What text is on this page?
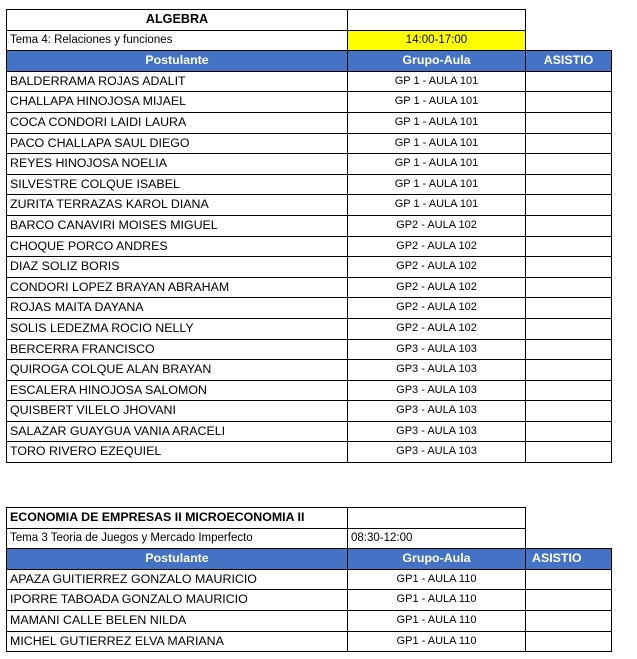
ALGEBRA		
Tema 4: Relaciones y funciones	14:00-17:00	
Postulante	Grupo-Aula	ASISTIO
BALDERRAMA ROJAS ADALIT	GP 1 - AULA 101	
CHALLAPA HINOJOSA MIJAEL	GP 1 - AULA 101	
COCA CONDORI LAIDI LAURA	GP 1 - AULA 101	
PACO CHALLAPA SAUL DIEGO	GP 1 - AULA 101	
REYES HINOJOSA NOELIA	GP 1 - AULA 101	
SILVESTRE COLQUE ISABEL	GP 1 - AULA 101	
ZURITA TERRAZAS KAROL DIANA	GP 1 - AULA 101	
BARCO CANAVIRI MOISES MIGUEL	GP2 - AULA 102	
CHOQUE PORCO ANDRES	GP2 - AULA 102	
DIAZ SOLIZ BORIS	GP2 - AULA 102	
CONDORI LOPEZ BRAYAN ABRAHAM	GP2 - AULA 102	
ROJAS MAITA DAYANA	GP2 - AULA 102	
SOLIS LEDEZMA ROCIO NELLY	GP2 - AULA 102	
BERCERRA FRANCISCO	GP3 - AULA 103	
QUIROGA COLQUE ALAN BRAYAN	GP3 - AULA 103	
ESCALERA HINOJOSA SALOMON	GP3 - AULA 103	
QUISBERT VILELO JHOVANI	GP3 - AULA 103	
SALAZAR GUAYGUA VANIA ARACELI	GP3 - AULA 103	
TORO RIVERO EZEQUIEL	GP3 - AULA 103	
ECONOMIA DE EMPRESAS II MICROECONOMIA II		
Tema 3 Teoria de Juegos y Mercado Imperfecto	08:30-12:00	
Postulante	Grupo-Aula	ASISTIO
APAZA GUITIERREZ GONZALO MAURICIO	GP1 - AULA 110	
IPORRE TABOADA GONZALO MAURICIO	GP1 - AULA 110	
MAMANI CALLE BELEN NILDA	GP1 - AULA 110	
MICHEL GUTIERREZ ELVA MARIANA	GP1 - AULA 110	
